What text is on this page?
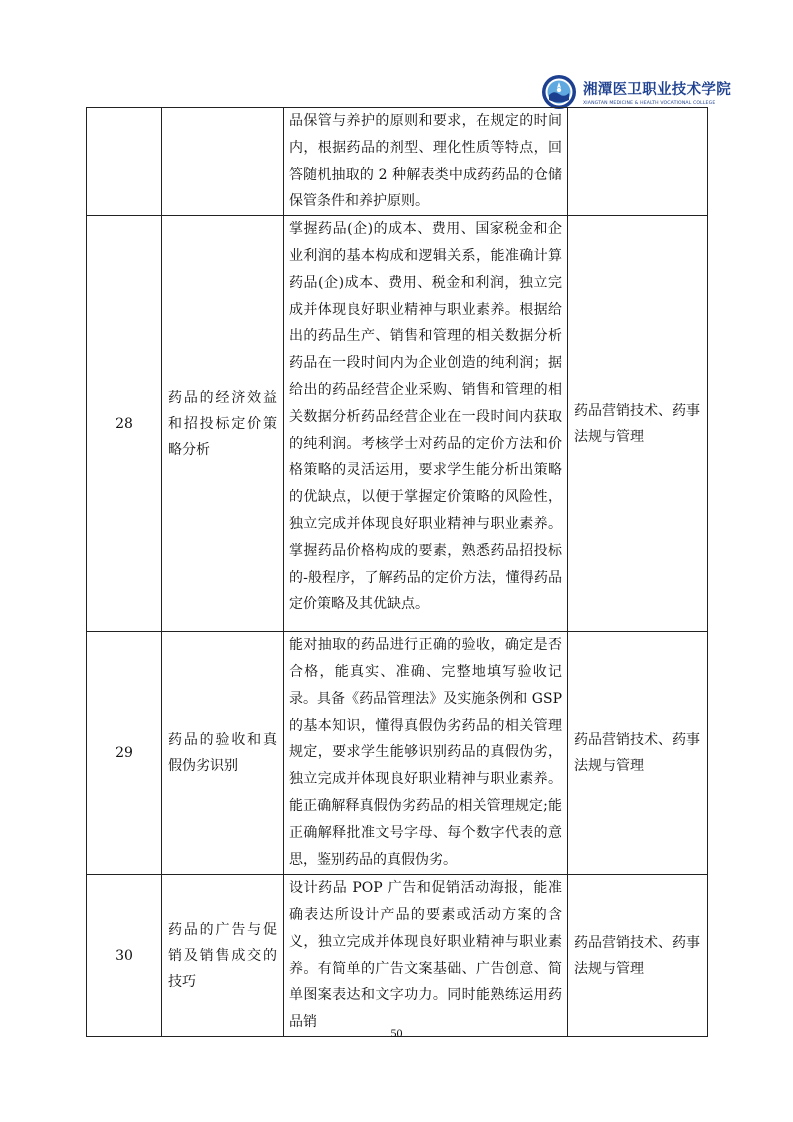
湘潭医卫职业技术学院
XIANGTAN MEDICINE & HEALTH VOCATIONAL COLLEGE

		品保管与养护的原则和要求，在规定的时间内，根据药品的剂型、理化性质等特点，回答随机抽取的 2 种解表类中成药药品的仓储保管条件和养护原则。	

28	药品的经济效益和招投标定价策略分析	掌握药品(企)的成本、费用、国家税金和企业利润的基本构成和逻辑关系，能准确计算药品(企)成本、费用、税金和利润，独立完成并体现良好职业精神与职业素养。根据给出的药品生产、销售和管理的相关数据分析药品在一段时间内为企业创造的纯利润；据给出的药品经营企业采购、销售和管理的相关数据分析药品经营企业在一段时间内获取的纯利润。考核学士对药品的定价方法和价格策略的灵活运用，要求学生能分析出策略的优缺点，以便于掌握定价策略的风险性，独立完成并体现良好职业精神与职业素养。掌握药品价格构成的要素，熟悉药品招投标的-般程序，了解药品的定价方法，懂得药品定价策略及其优缺点。	药品营销技术、药事法规与管理
29	药品的验收和真假伪劣识别	能对抽取的药品进行正确的验收，确定是否合格，能真实、准确、完整地填写验收记录。具备《药品管理法》及实施条例和 GSP 的基本知识，懂得真假伪劣药品的相关管理规定，要求学生能够识别药品的真假伪劣，独立完成并体现良好职业精神与职业素养。能正确解释真假伪劣药品的相关管理规定;能正确解释批准文号字母、每个数字代表的意思，鉴别药品的真假伪劣。	药品营销技术、药事法规与管理
30	药品的广告与促销及销售成交的技巧	设计药品 POP 广告和促销活动海报，能准确表达所设计产品的要素或活动方案的含义，独立完成并体现良好职业精神与职业素养。有简单的广告文案基础、广告创意、简单图案表达和文字功力。同时能熟练运用药品销	药品营销技术、药事法规与管理
50
